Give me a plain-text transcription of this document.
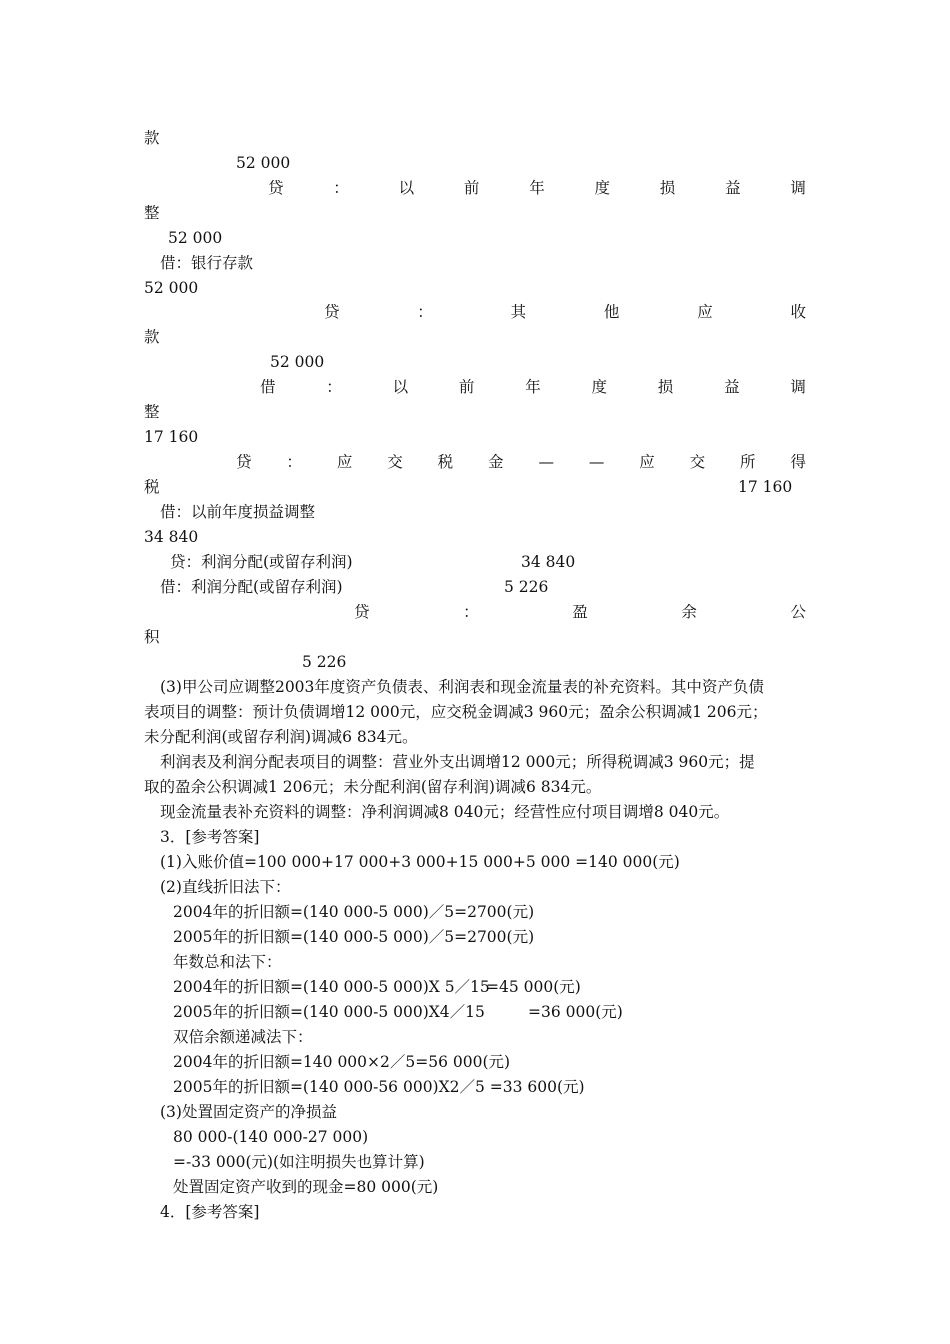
款
52 000
贷	：	以	前	年	度	损	益	调
整
52 000
借：银行存款
52 000
贷	：	其	他	应	收
款
52 000
借	：	以	前	年	度	损	益	调
整
17 160
贷 ： 应 交 税 金 — — 应 交 所 得
税	17 160
借：以前年度损益调整
34 840
贷：利润分配(或留存利润)	34 840
借：利润分配(或留存利润)	5 226
贷	：	盈	余	公
积
5 226
(3)甲公司应调整2003年度资产负债表、利润表和现金流量表的补充资料。其中资产负债
表项目的调整：预计负债调增12 000元，应交税金调减3 960元；盈余公积调减1 206元；
未分配利润(或留存利润)调减6 834元。
利润表及利润分配表项目的调整：营业外支出调增12 000元；所得税调减3 960元；提
取的盈余公积调减1 206元；未分配利润(留存利润)调减6 834元。
现金流量表补充资料的调整：净利润调减8 040元；经营性应付项目调增8 040元。
3．[参考答案]
(1)入账价值=100 000+17 000+3 000+15 000+5 000 =140 000(元)
(2)直线折旧法下：
2004年的折旧额=(140 000-5 000)／5=2700(元)
2005年的折旧额=(140 000-5 000)／5=2700(元)
年数总和法下：
2004年的折旧额=(140 000-5 000)X 5／15
=45 000(元)
2005年的折旧额=(140 000-5 000)X4／15	=36 000(元)
双倍余额递减法下：
2004年的折旧额=140 000×2／5=56 000(元)
2005年的折旧额=(140 000-56 000)X2／5 =33 600(元)
(3)处置固定资产的净损益
80 000-(140 000-27 000)
=-33 000(元)(如注明损失也算计算)
处置固定资产收到的现金=80 000(元)
4．[参考答案]
